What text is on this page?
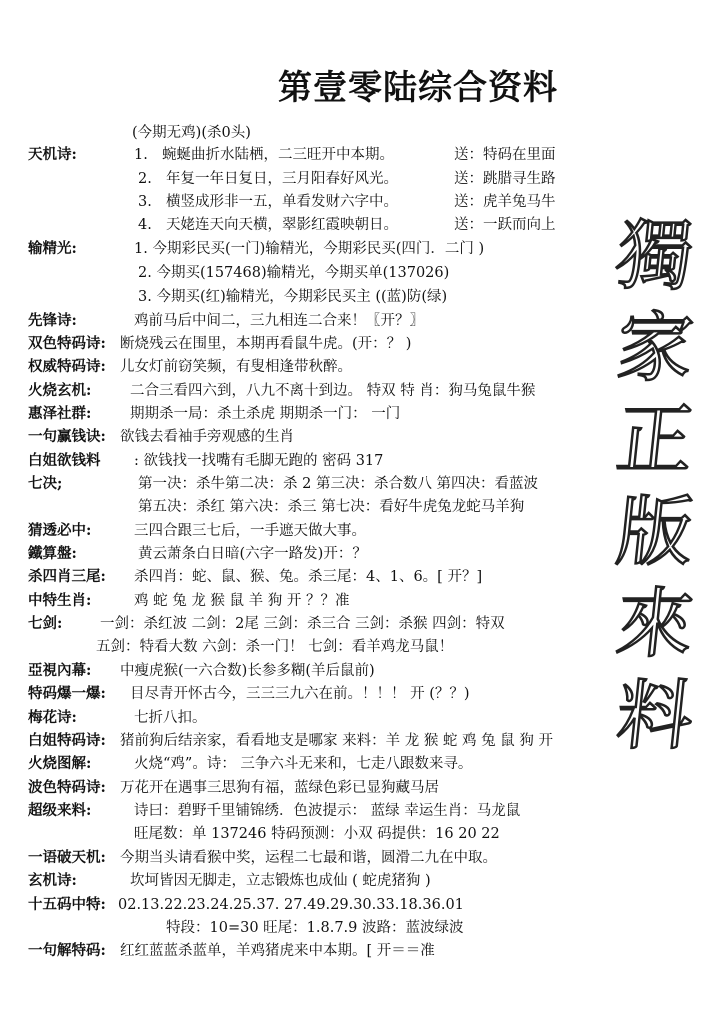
第壹零陆综合资料
(今期无鸡)(杀0头)
天机诗:	1. 蜿蜒曲折水陆栖，二三旺开中本期。	送：特码在里面
2. 年复一年日复日，三月阳春好风光。	送：跳腊寻生路
3. 横竖成形非一五，单看发财六字中。	送：虎羊兔马牛
4. 天姥连天向天横，翠影红霞映朝日。	送：一跃而向上
输精光:	1. 今期彩民买(一门)输精光，今期彩民买(四门．二门 )
2. 今期买(157468)输精光，今期买单(137026)
3. 今期买(红)输精光，今期彩民买主 ((蓝)防(绿)
先锋诗:	鸡前马后中间二，三九相连二合来！〖开？〗
双色特码诗: 断烧残云在围里，本期再看鼠牛虎。(开：？ )
权威特码诗: 儿女灯前窃笑频，有叟相逢带秋醉。
火烧玄机:	二合三看四六到，八九不离十到边。 特双 特 肖：狗马兔鼠牛猴
惠泽社群:	期期杀一局：杀土杀虎 期期杀一门： 一门
一句赢钱诀: 欲钱去看袖手旁观感的生肖
白姐欲钱料 : 欲钱找一找嘴有毛脚无跑的 密码 317
七决;	第一决：杀牛第二决：杀 2 第三决：杀合数八 第四决：看蓝波
第五决：杀红 第六决：杀三 第七决：看好牛虎兔龙蛇马羊狗
猜透必中:	三四合跟三七后，一手遮天做大事。
鐵算盤:	黄云萧条白日暗(六字一路发)开：？
杀四肖三尾: 杀四肖：蛇、鼠、猴、兔。杀三尾：4、1、6。[ 开？]
中特生肖:	鸡 蛇 兔 龙 猴 鼠 羊 狗 开 ？？准
七剑:	一剑：杀红波 二剑：2尾 三剑：杀三合 三剑：杀猴 四剑：特双
五剑：特看大数 六剑：杀一门！ 七剑：看羊鸡龙马鼠！
亞視內幕: 中瘦虎猴(一六合数)长参多糊(羊后鼠前)
特码爆一爆: 目尽青开怀古今，三三三九六在前。！！！ 开 (？？)
梅花诗:	七折八扣。
白姐特码诗: 猪前狗后结亲家，看看地支是哪家 来料：羊 龙 猴 蛇 鸡 兔 鼠 狗 开
火烧图解:	火烧“鸡”。诗： 三争六斗无来和，七走八跟数来寻。
波色特码诗: 万花开在遇事三思狗有福，蓝绿色彩已显狗藏马居
超级来料:	诗曰：碧野千里铺锦绣．色波提示： 蓝绿 幸运生肖：马龙鼠
旺尾数：单 137246 特码预测：小双 码提供：16 20 22
一语破天机: 今期当头请看猴中奖，运程二七最和谐，圆滑二九在中取。
玄机诗:	坎坷皆因无脚走，立志锻炼也成仙 ( 蛇虎猪狗 )
十五码中特: 02.13.22.23.24.25.37. 27.49.29.30.33.18.36.01
特段：10=30 旺尾：1.8.7.9 波路：蓝波绿波
一句解特码: 红红蓝蓝杀蓝单，羊鸡猪虎来中本期。[ 开＝＝准
獨
家
正
版
來
料
